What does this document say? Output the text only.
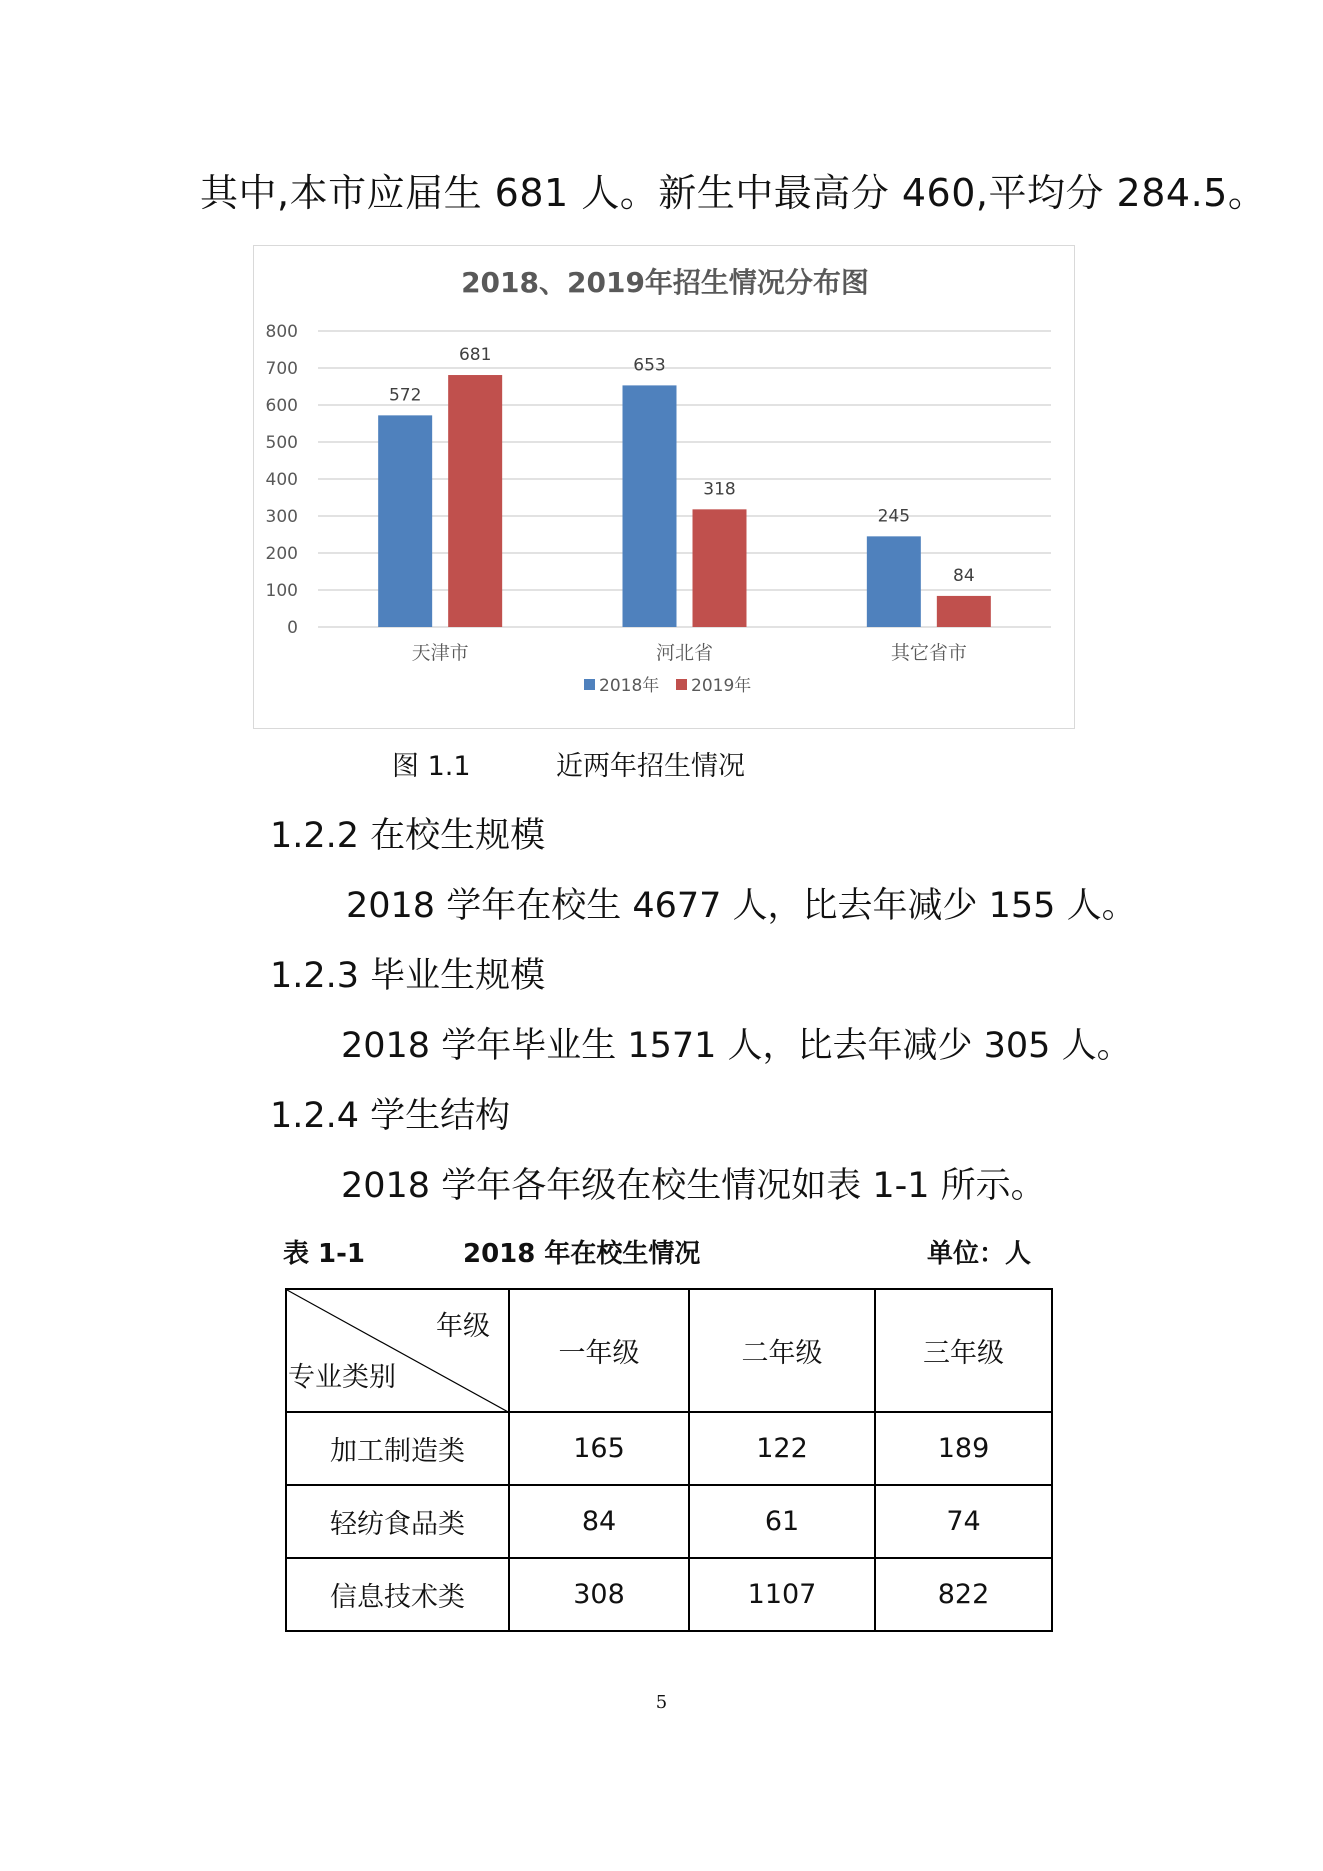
其中,本市应届生 681 人。新生中最高分 460,平均分 284.5。
2018、2019年招生情况分布图
0
100
200
300
400
500
600
700
800
572
681
天津市
653
318
河北省
245
84
其它省市
2018年 2019年
图 1.1	近两年招生情况
1.2.2 在校生规模
2018 学年在校生 4677 人，比去年减少 155 人。
1.2.3 毕业生规模
2018 学年毕业生 1571 人，比去年减少 305 人。
1.2.4 学生结构
2018 学年各年级在校生情况如表 1-1 所示。
表 1-1	2018 年在校生情况	单位：人
年级
专业类别	一年级	二年级	三年级
加工制造类	165	122	189
轻纺食品类	84	61	74
信息技术类	308	1107	822
5
